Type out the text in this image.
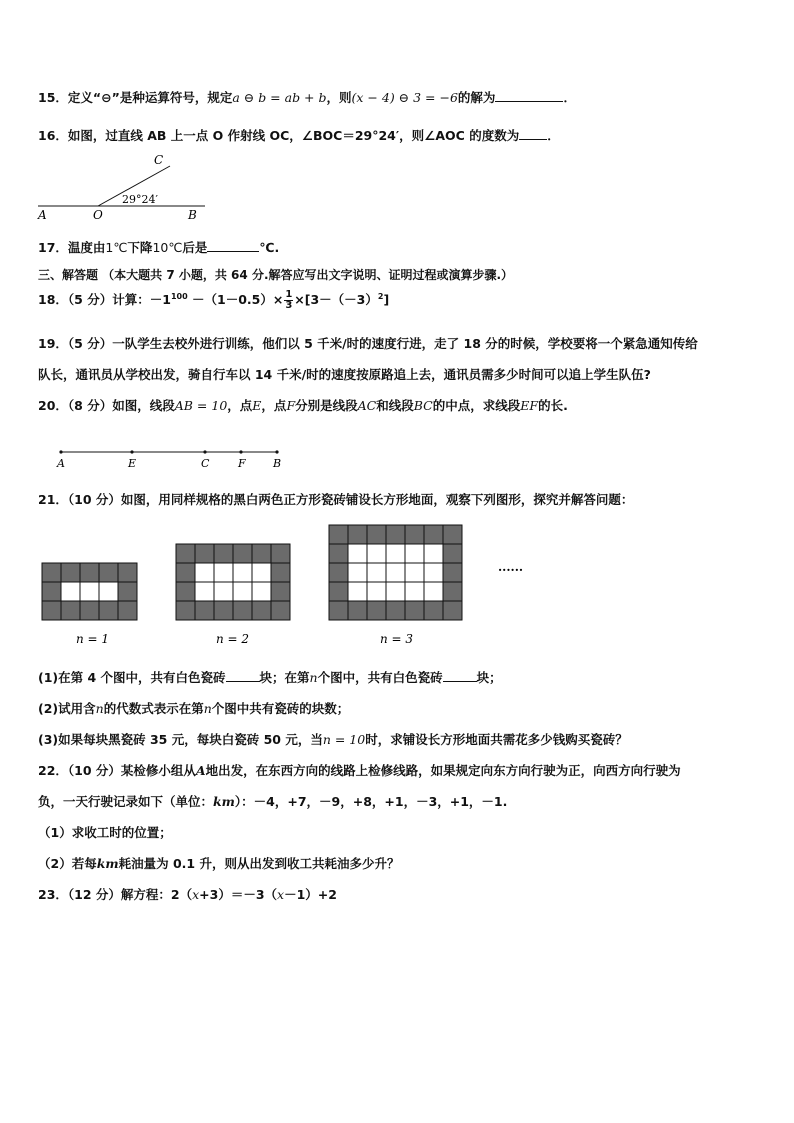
15．定义“⊖”是种运算符号，规定a ⊖ b = ab + b，则(x − 4) ⊖ 3 = −6的解为	．
16．如图，过直线 AB 上一点 O 作射线 OC，∠BOC＝29°24′，则∠AOC 的度数为 ．
C
29°24′
A	O	B
17．温度由1℃下降10℃后是	℃.
三、解答题 （本大题共 7 小题，共 64 分.解答应写出文字说明、证明过程或演算步骤.）
18．（5 分）计算：$-1^{100} -(1-0.5)\times \frac{1}{3} \times[3-(-3)^2]$
19．（5 分）一队学生去校外进行训练，他们以 5 千米/时的速度行进，走了 18 分的时候，学校要将一个紧急通知传给
队长，通讯员从学校出发，骑自行车以 14 千米/时的速度按原路追上去，通讯员需多少时间可以追上学生队伍?
20．（8 分）如图，线段AB = 10，点E，点F分别是线段AC和线段BC的中点，求线段EF的长.
A	E	C	F B
21．（10 分）如图，用同样规格的黑白两色正方形瓷砖铺设长方形地面，观察下列图形，探究并解答问题：
n = 1	n = 2	n = 3
······
(1)在第 4 个图中，共有白色瓷砖	块；在第n个图中，共有白色瓷砖	块；
(2)试用含n的代数式表示在第n个图中共有瓷砖的块数；
(3)如果每块黑瓷砖 35 元，每块白瓷砖 50 元，当n = 10时，求铺设长方形地面共需花多少钱购买瓷砖？
22．（10 分）某检修小组从A地出发，在东西方向的线路上检修线路，如果规定向东方向行驶为正，向西方向行驶为
负，一天行驶记录如下（单位：km）：－4，+7，－9，+8，+1，－3，+1，－1.
（1）求收工时的位置；
（2）若每km耗油量为 0.1 升，则从出发到收工共耗油多少升？
23．（12 分）解方程：2（x+3）＝－3（x－1）+2
